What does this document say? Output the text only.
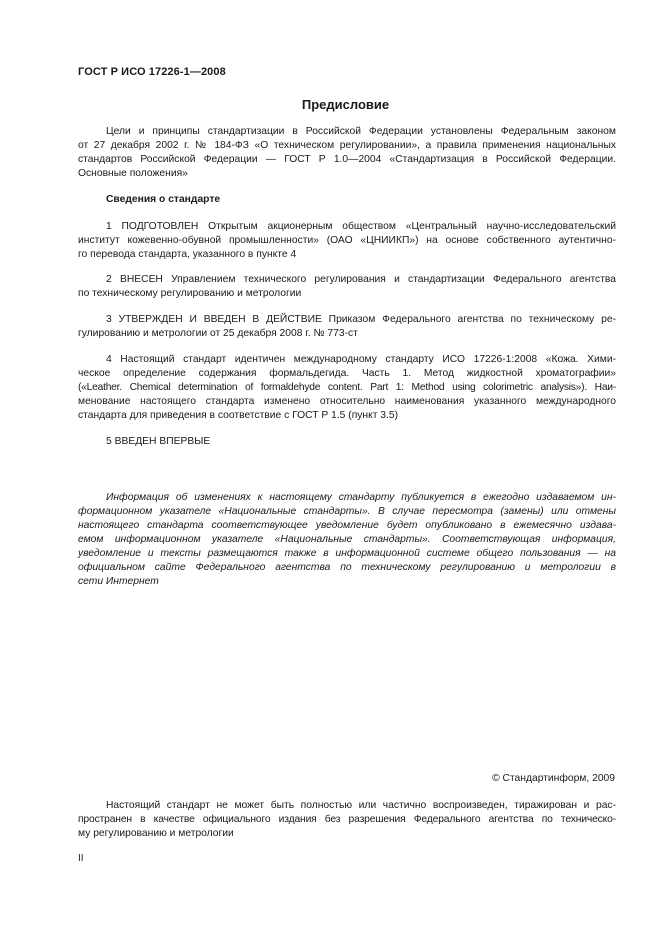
ГОСТ Р ИСО 17226-1—2008
Предисловие

Цели и принципы стандартизации в Российской Федерации установлены Федеральным законом
от 27 декабря 2002 г. № 184-ФЗ «О техническом регулировании», а правила применения национальных
стандартов Российской Федерации — ГОСТ Р 1.0—2004 «Стандартизация в Российской Федерации.
Основные положения»

Сведения о стандарте

1 ПОДГОТОВЛЕН Открытым акционерным обществом «Центральный научно-исследовательский
институт кожевенно-обувной промышленности» (ОАО «ЦНИИКП») на основе собственного аутентично-
го перевода стандарта, указанного в пункте 4

2 ВНЕСЕН Управлением технического регулирования и стандартизации Федерального агентства
по техническому регулированию и метрологии

3 УТВЕРЖДЕН И ВВЕДЕН В ДЕЙСТВИЕ Приказом Федерального агентства по техническому ре-
гулированию и метрологии от 25 декабря 2008 г. № 773-ст

4 Настоящий стандарт идентичен международному стандарту ИСО 17226-1:2008 «Кожа. Хими-
ческое определение содержания формальдегида. Часть 1. Метод жидкостной хроматографии»
(«Leather. Chemical determination of formaldehyde content. Part 1: Method using colorimetric analysis»). Наи-
менование настоящего стандарта изменено относительно наименования указанного международного
стандарта для приведения в соответствие с ГОСТ Р 1.5 (пункт 3.5)

5 ВВЕДЕН ВПЕРВЫЕ

Информация об изменениях к настоящему стандарту публикуется в ежегодно издаваемом ин-
формационном указателе «Национальные стандарты». В случае пересмотра (замены) или отмены
настоящего стандарта соответствующее уведомление будет опубликовано в ежемесячно издава-
емом информационном указателе «Национальные стандарты». Соответствующая информация,
уведомление и тексты размещаются также в информационной системе общего пользования — на
официальном сайте Федерального агентства по техническому регулированию и метрологии в
сети Интернет

© Стандартинформ, 2009

Настоящий стандарт не может быть полностью или частично воспроизведен, тиражирован и рас-
пространен в качестве официального издания без разрешения Федерального агентства по техническо-
му регулированию и метрологии

II
